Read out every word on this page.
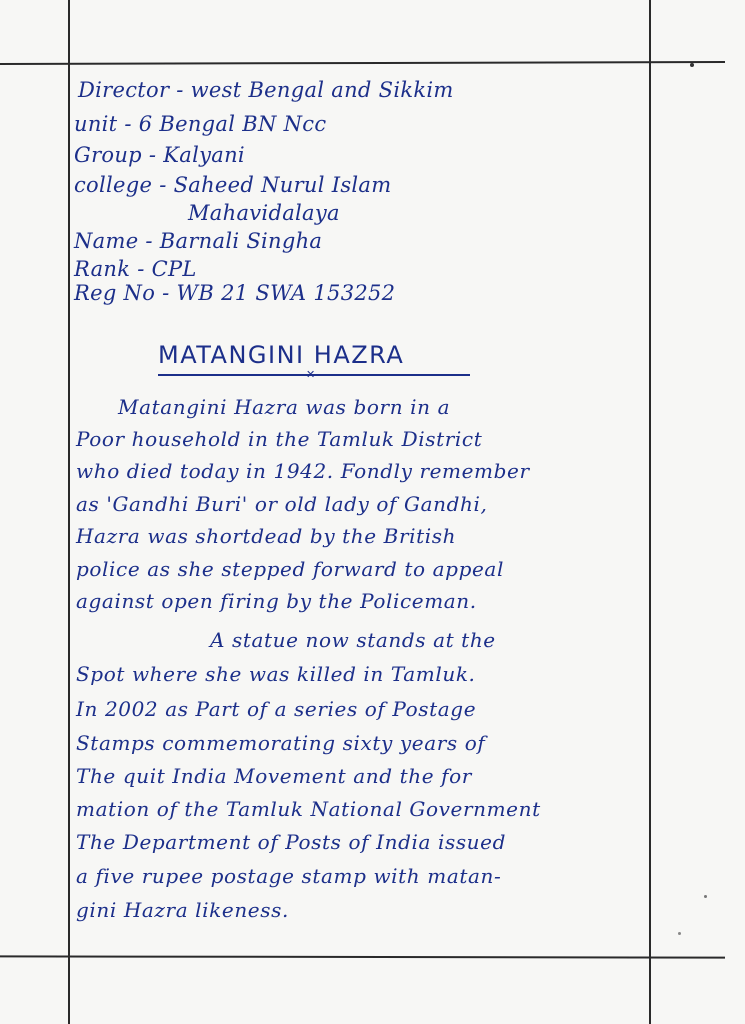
Director - west Bengal and Sikkim
unit - 6 Bengal BN Ncc
Group - Kalyani
college - Saheed Nurul Islam
Mahavidalaya
Name - Barnali Singha
Rank - CPL
Reg No - WB 21 SWA 153252
MATANGINI HAZRA
✕
Matangini Hazra was born in a
Poor household in the Tamluk District
who died today in 1942. Fondly remember
as 'Gandhi Buri' or old lady of Gandhi,
Hazra was shortdead by the British
police as she stepped forward to appeal
against open firing by the Policeman.
A statue now stands at the
Spot where she was killed in Tamluk.
In 2002 as Part of a series of Postage
Stamps commemorating sixty years of
The quit India Movement and the for
mation of the Tamluk National Government
The Department of Posts of India issued
a five rupee postage stamp with matan-
gini Hazra likeness.
